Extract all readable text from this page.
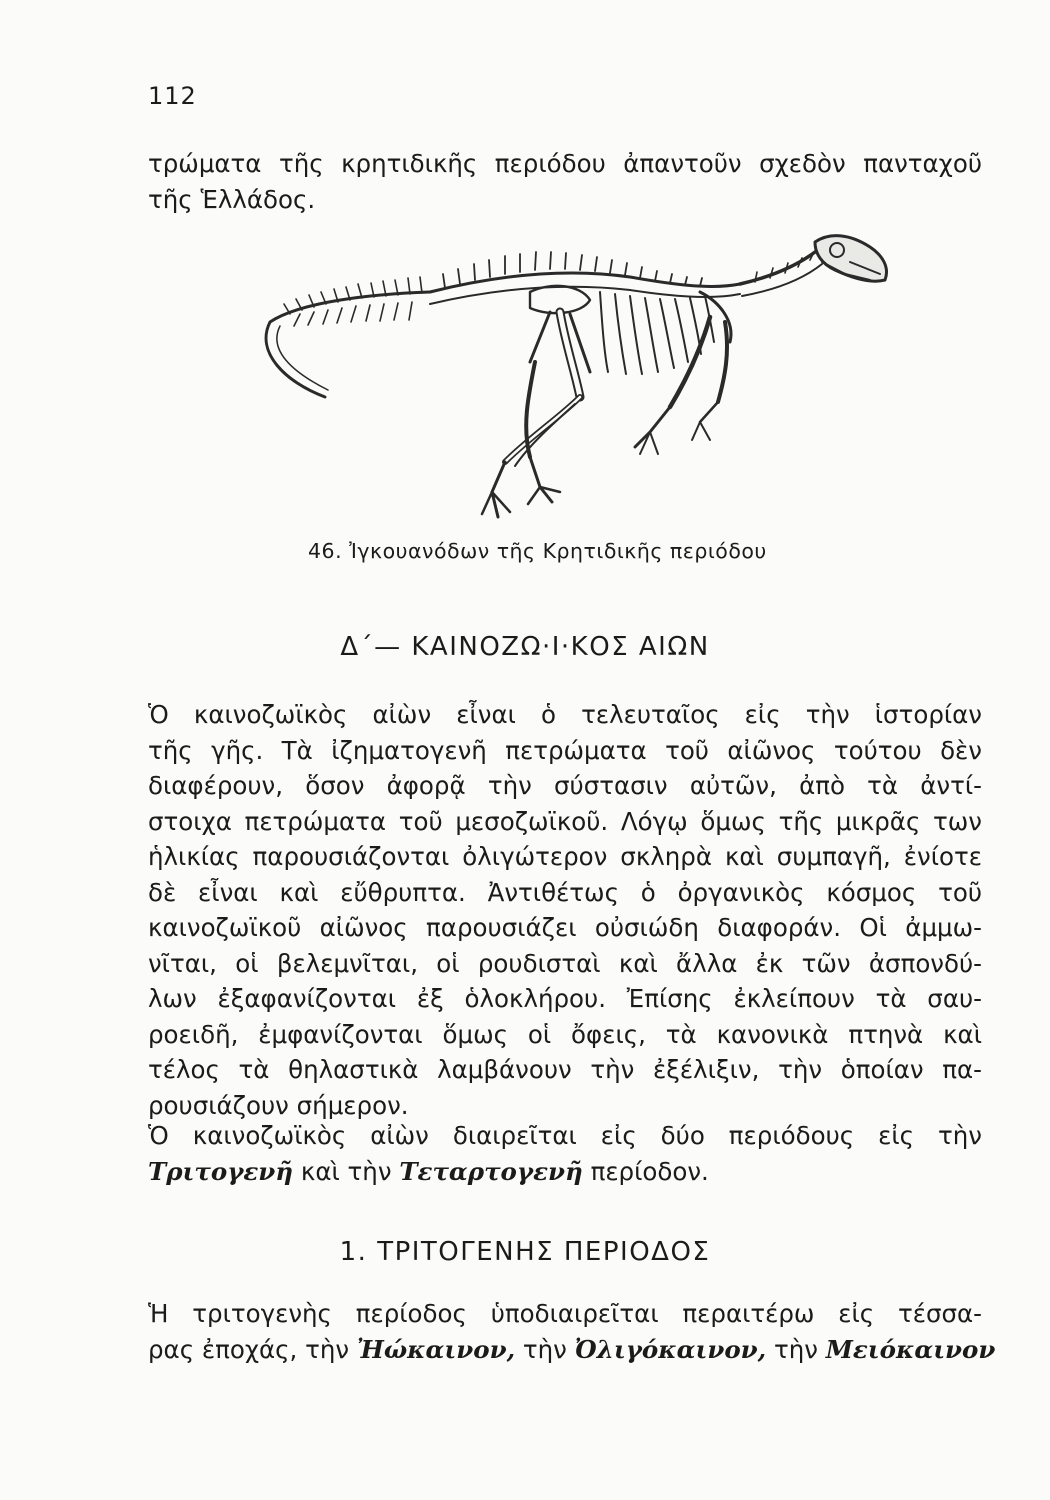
112

τρώματα τῆς κρητιδικῆς περιόδου ἀπαντοῦν σχεδὸν πανταχοῦ
τῆς Ἑλλάδος.

46. Ἰγκουανόδων τῆς Κρητιδικῆς περιόδου
Δ΄— ΚΑΙΝΟΖΩ·Ι·ΚΟΣ ΑΙΩΝ

Ὁ καινοζωϊκὸς αἰὼν εἶναι ὁ τελευταῖος εἰς τὴν ἱστορίαν
τῆς γῆς. Τὰ ἰζηματογενῆ πετρώματα τοῦ αἰῶνος τούτου δὲν
διαφέρουν, ὅσον ἀφορᾷ τὴν σύστασιν αὐτῶν, ἀπὸ τὰ ἀντί-
στοιχα πετρώματα τοῦ μεσοζωϊκοῦ. Λόγῳ ὅμως τῆς μικρᾶς των
ἡλικίας παρουσιάζονται ὀλιγώτερον σκληρὰ καὶ συμπαγῆ, ἐνίοτε
δὲ εἶναι καὶ εὔθρυπτα. Ἀντιθέτως ὁ ὀργανικὸς κόσμος τοῦ
καινοζωϊκοῦ αἰῶνος παρουσιάζει οὐσιώδη διαφοράν. Οἱ ἀμμω-
νῖται, οἱ βελεμνῖται, οἱ ρουδισταὶ καὶ ἄλλα ἐκ τῶν ἀσπονδύ-
λων ἐξαφανίζονται ἐξ ὁλοκλήρου. Ἐπίσης ἐκλείπουν τὰ σαυ-
ροειδῆ, ἐμφανίζονται ὅμως οἱ ὄφεις, τὰ κανονικὰ πτηνὰ καὶ
τέλος τὰ θηλαστικὰ λαμβάνουν τὴν ἐξέλιξιν, τὴν ὁποίαν πα-
ρουσιάζουν σήμερον.

Ὁ καινοζωϊκὸς αἰὼν διαιρεῖται εἰς δύο περιόδους εἰς τὴν
Τριτογενῆ καὶ τὴν Τεταρτογενῆ περίοδον.

1. ΤΡΙΤΟΓΕΝΗΣ ΠΕΡΙΟΔΟΣ

Ἡ τριτογενὴς περίοδος ὑποδιαιρεῖται περαιτέρω εἰς τέσσα-
ρας ἐποχάς, τὴν Ἠώκαινον, τὴν Ὀλιγόκαινον, τὴν Μειόκαινον
